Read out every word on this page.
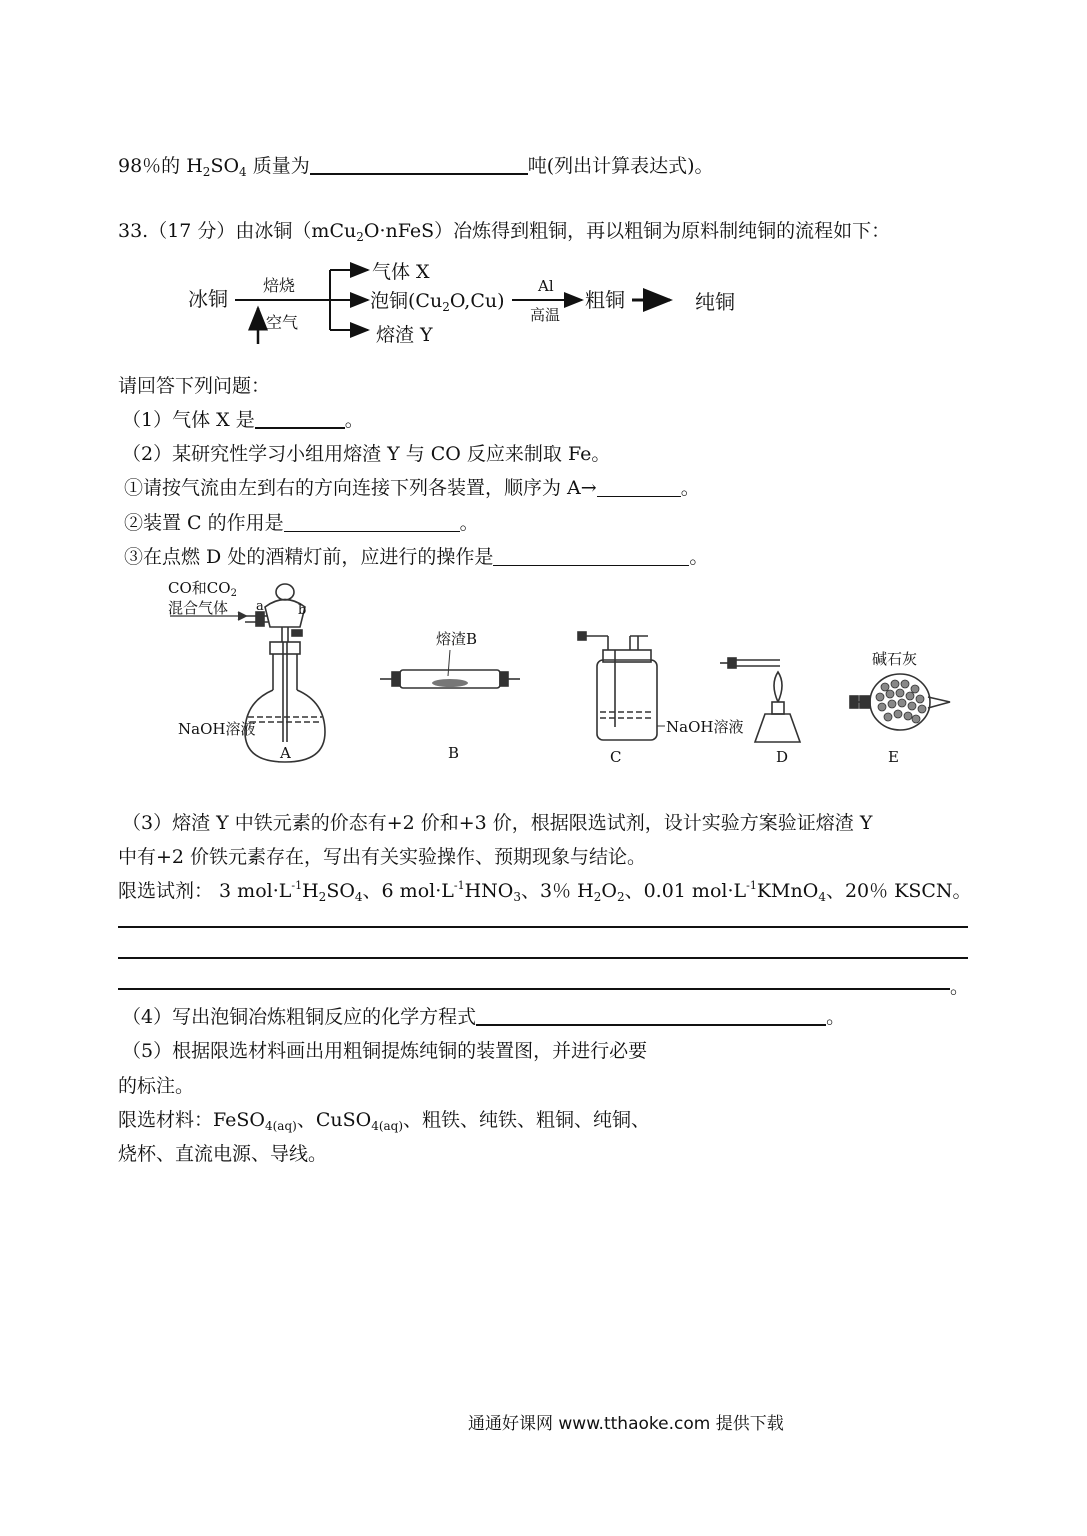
98％的 $H_2SO_4$ 质量为	吨(列出计算表达式)。
33.（17 分）由冰铜（mCu$_2$O·nFeS）冶炼得到粗铜，再以粗铜为原料制纯铜的流程如下：
冰铜
焙烧
空气
气体 X
泡铜$(Cu_2O,Cu)$
熔渣 Y
Al
高温
粗铜	纯铜
请回答下列问题：
（1）气体 X 是	。
（2）某研究性学习小组用熔渣 Y 与 CO 反应来制取 Fe。
①请按气流由左到右的方向连接下列各装置，顺序为 A→	。
②装置 C 的作用是	。
③在点燃 D 处的酒精灯前，应进行的操作是	。
CO和$CO_2$
混合气体 a	b
NaOH溶液
熔渣B
NaOH溶液
碱石灰
A	B	C	D	E
（3）熔渣 Y 中铁元素的价态有+2 价和+3 价，根据限选试剂，设计实验方案验证熔渣 Y
中有+2 价铁元素存在，写出有关实验操作、预期现象与结论。
限选试剂： 3 $mol\cdot L^{-1}H_2SO_4$、6 $mol\cdot L^{-1}HNO_3$、3％ $H_2O_2$、0.01 $mol\cdot L^{-1}KMnO_4$、20％ KSCN。
。
（4）写出泡铜冶炼粗铜反应的化学方程式	。
（5）根据限选材料画出用粗铜提炼纯铜的装置图，并进行必要
的标注。
限选材料：FeSO$_{4(aq)}$、CuSO$_{4(aq)}$、粗铁、纯铁、粗铜、纯铜、
烧杯、直流电源、导线。
通通好课网 www.tthaoke.com 提供下载
